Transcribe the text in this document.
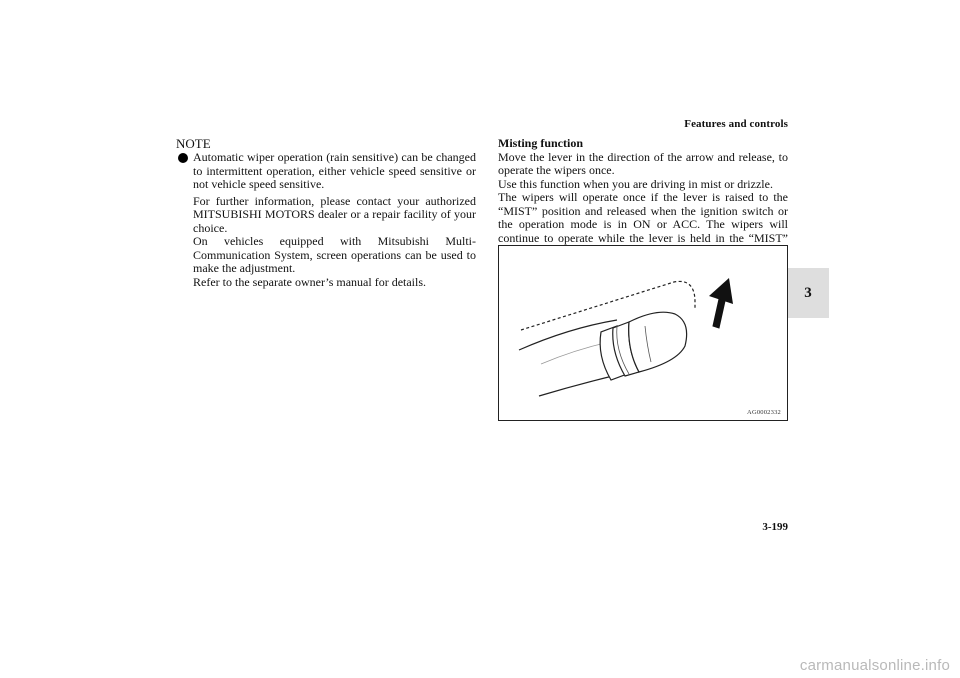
Features and controls
3
NOTE

Automatic wiper operation (rain sensitive) can be changed to intermittent operation, either vehicle speed sensitive or not vehicle speed sensitive.

For further information, please contact your authorized MITSUBISHI MOTORS dealer or a repair facility of your choice.

On vehicles equipped with Mitsubishi Multi-Communication System, screen operations can be used to make the adjustment.

Refer to the separate owner’s manual for details.

Misting function

Move the lever in the direction of the arrow and release, to operate the wipers once.

Use this function when you are driving in mist or drizzle.

The wipers will operate once if the lever is raised to the “MIST” position and released when the ignition switch or the operation mode is in ON or ACC. The wipers will continue to operate while the lever is held in the “MIST”

AG0002332
3-199
carmanualsonline.info
